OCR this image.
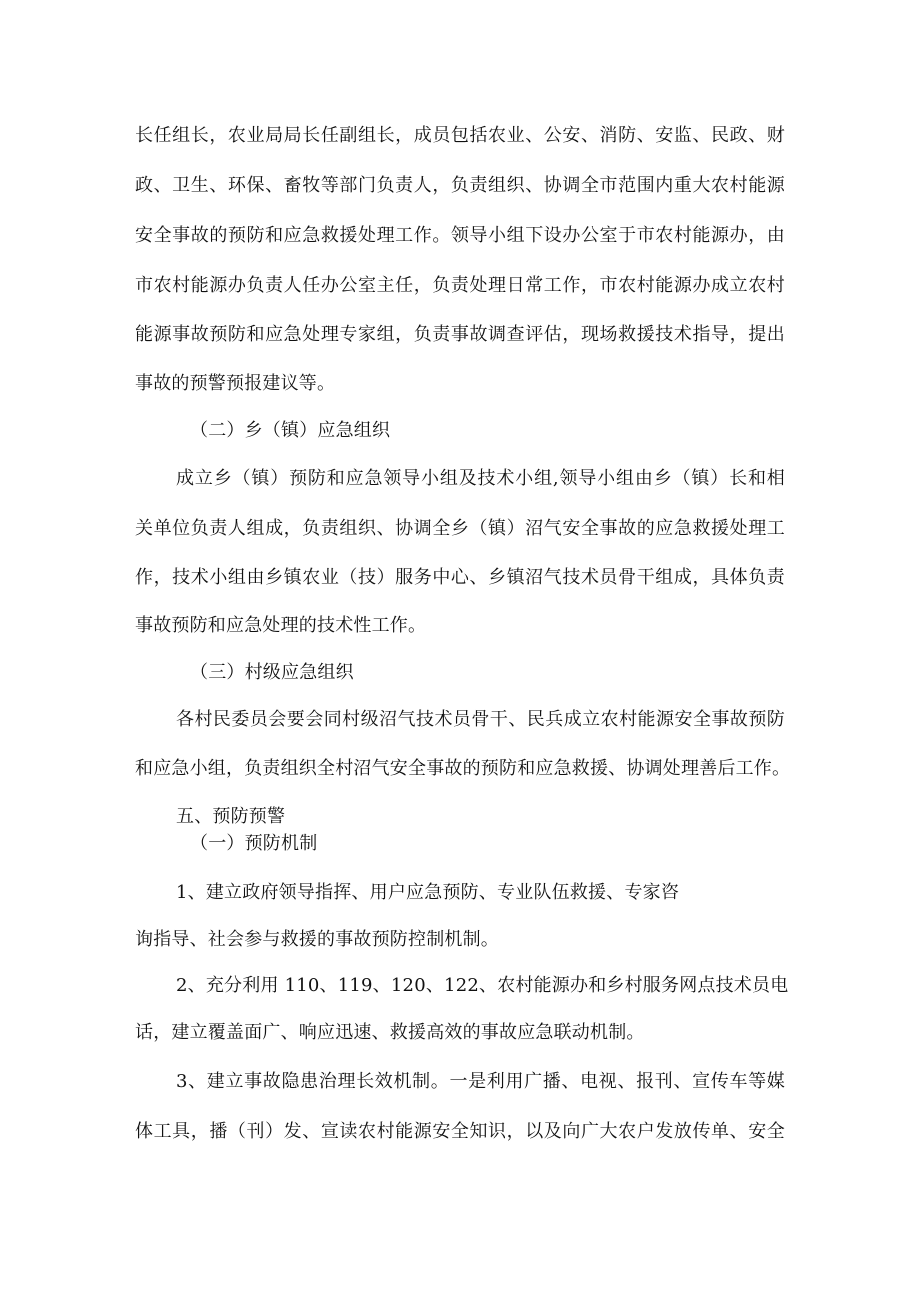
长任组长，农业局局长任副组长，成员包括农业、公安、消防、安监、民政、财

政、卫生、环保、畜牧等部门负责人，负责组织、协调全市范围内重大农村能源

安全事故的预防和应急救援处理工作。领导小组下设办公室于市农村能源办，由

市农村能源办负责人任办公室主任，负责处理日常工作，市农村能源办成立农村

能源事故预防和应急处理专家组，负责事故调查评估，现场救援技术指导，提出

事故的预警预报建议等。

（二）乡（镇）应急组织

成立乡（镇）预防和应急领导小组及技术小组,领导小组由乡（镇）长和相

关单位负责人组成，负责组织、协调全乡（镇）沼气安全事故的应急救援处理工

作，技术小组由乡镇农业（技）服务中心、乡镇沼气技术员骨干组成，具体负责

事故预防和应急处理的技术性工作。

（三）村级应急组织

各村民委员会要会同村级沼气技术员骨干、民兵成立农村能源安全事故预防

和应急小组，负责组织全村沼气安全事故的预防和应急救援、协调处理善后工作。

五、预防预警

（一）预防机制

1、建立政府领导指挥、用户应急预防、专业队伍救援、专家咨

询指导、社会参与救援的事故预防控制机制。

2、充分利用 110、119、120、122、农村能源办和乡村服务网点技术员电

话，建立覆盖面广、响应迅速、救援高效的事故应急联动机制。

3、建立事故隐患治理长效机制。一是利用广播、电视、报刊、宣传车等媒

体工具，播（刊）发、宣读农村能源安全知识，以及向广大农户发放传单、安全
